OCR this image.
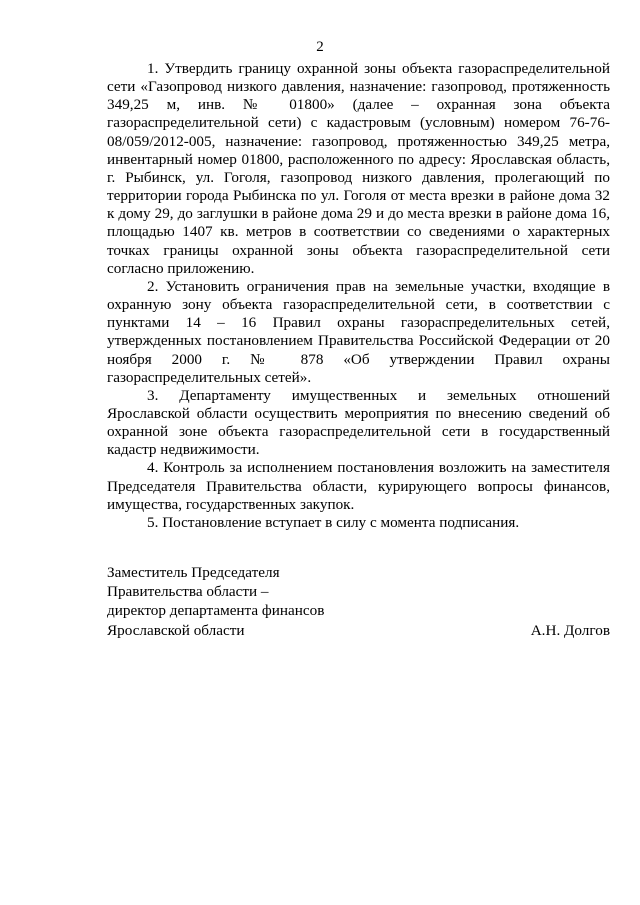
2

1. Утвердить границу охранной зоны объекта газораспределительной сети «Газопровод низкого давления, назначение: газопровод, протяженность 349,25 м, инв. № 01800» (далее – охранная зона объекта газораспределительной сети) с кадастровым (условным) номером 76-76-08/059/2012-005, назначение: газопровод, протяженностью 349,25 метра, инвентарный номер 01800, расположенного по адресу: Ярославская область, г. Рыбинск, ул. Гоголя, газопровод низкого давления, пролегающий по территории города Рыбинска по ул. Гоголя от места врезки в районе дома 32 к дому 29, до заглушки в районе дома 29 и до места врезки в районе дома 16, площадью 1407 кв. метров в соответствии со сведениями о характерных точках границы охранной зоны объекта газораспределительной сети согласно приложению.

2. Установить ограничения прав на земельные участки, входящие в охранную зону объекта газораспределительной сети, в соответствии с пунктами 14 – 16 Правил охраны газораспределительных сетей, утвержденных постановлением Правительства Российской Федерации от 20 ноября 2000 г. № 878 «Об утверждении Правил охраны газораспределительных сетей».

3. Департаменту имущественных и земельных отношений Ярославской области осуществить мероприятия по внесению сведений об охранной зоне объекта газораспределительной сети в государственный кадастр недвижимости.

4. Контроль за исполнением постановления возложить на заместителя Председателя Правительства области, курирующего вопросы финансов, имущества, государственных закупок.

5. Постановление вступает в силу с момента подписания.

Заместитель Председателя
Правительства области –
директор департамента финансов
Ярославской области	А.Н. Долгов
